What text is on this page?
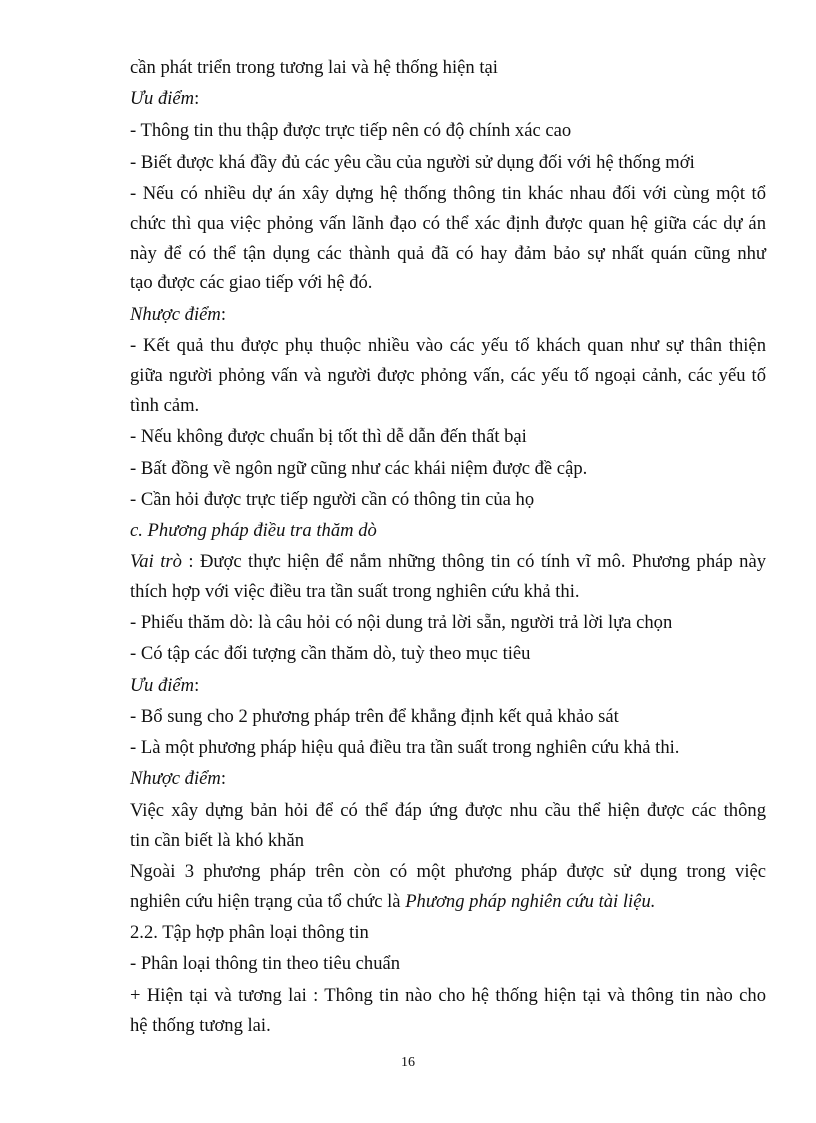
cần phát triển trong tương lai và hệ thống hiện tại
Ưu điểm:
- Thông tin thu thập được trực tiếp nên có độ chính xác cao
- Biết được khá đầy đủ các yêu cầu của người sử dụng đối với hệ thống mới
- Nếu có nhiều dự án xây dựng hệ thống thông tin khác nhau đối với cùng một tổ
chức thì qua việc phỏng vấn lãnh đạo có thể xác định được quan hệ giữa các dự án
này để có thể tận dụng các thành quả đã có hay đảm bảo sự nhất quán cũng như
tạo được các giao tiếp với hệ đó.
Nhược điểm:
- Kết quả thu được phụ thuộc nhiều vào các yếu tố khách quan như sự thân thiện
giữa người phỏng vấn và người được phỏng vấn, các yếu tố ngoại cảnh, các yếu tố
tình cảm.
- Nếu không được chuẩn bị tốt thì dễ dẫn đến thất bại
- Bất đồng về ngôn ngữ cũng như các khái niệm được đề cập.
- Cần hỏi được trực tiếp người cần có thông tin của họ
c. Phương pháp điều tra thăm dò
Vai trò : Được thực hiện để nắm những thông tin có tính vĩ mô. Phương pháp này
thích hợp với việc điều tra tần suất trong nghiên cứu khả thi.
- Phiếu thăm dò: là câu hỏi có nội dung trả lời sẵn, người trả lời lựa chọn
- Có tập các đối tượng cần thăm dò, tuỳ theo mục tiêu
Ưu điểm:
- Bổ sung cho 2 phương pháp trên để khẳng định kết quả khảo sát
- Là một phương pháp hiệu quả điều tra tần suất trong nghiên cứu khả thi.
Nhược điểm:
Việc xây dựng bản hỏi để có thể đáp ứng được nhu cầu thể hiện được các thông
tin cần biết là khó khăn
Ngoài 3 phương pháp trên còn có một phương pháp được sử dụng trong việc
nghiên cứu hiện trạng của tổ chức là Phương pháp nghiên cứu tài liệu.
2.2. Tập hợp phân loại thông tin
- Phân loại thông tin theo tiêu chuẩn
+ Hiện tại và tương lai : Thông tin nào cho hệ thống hiện tại và thông tin nào cho
hệ thống tương lai.
16
